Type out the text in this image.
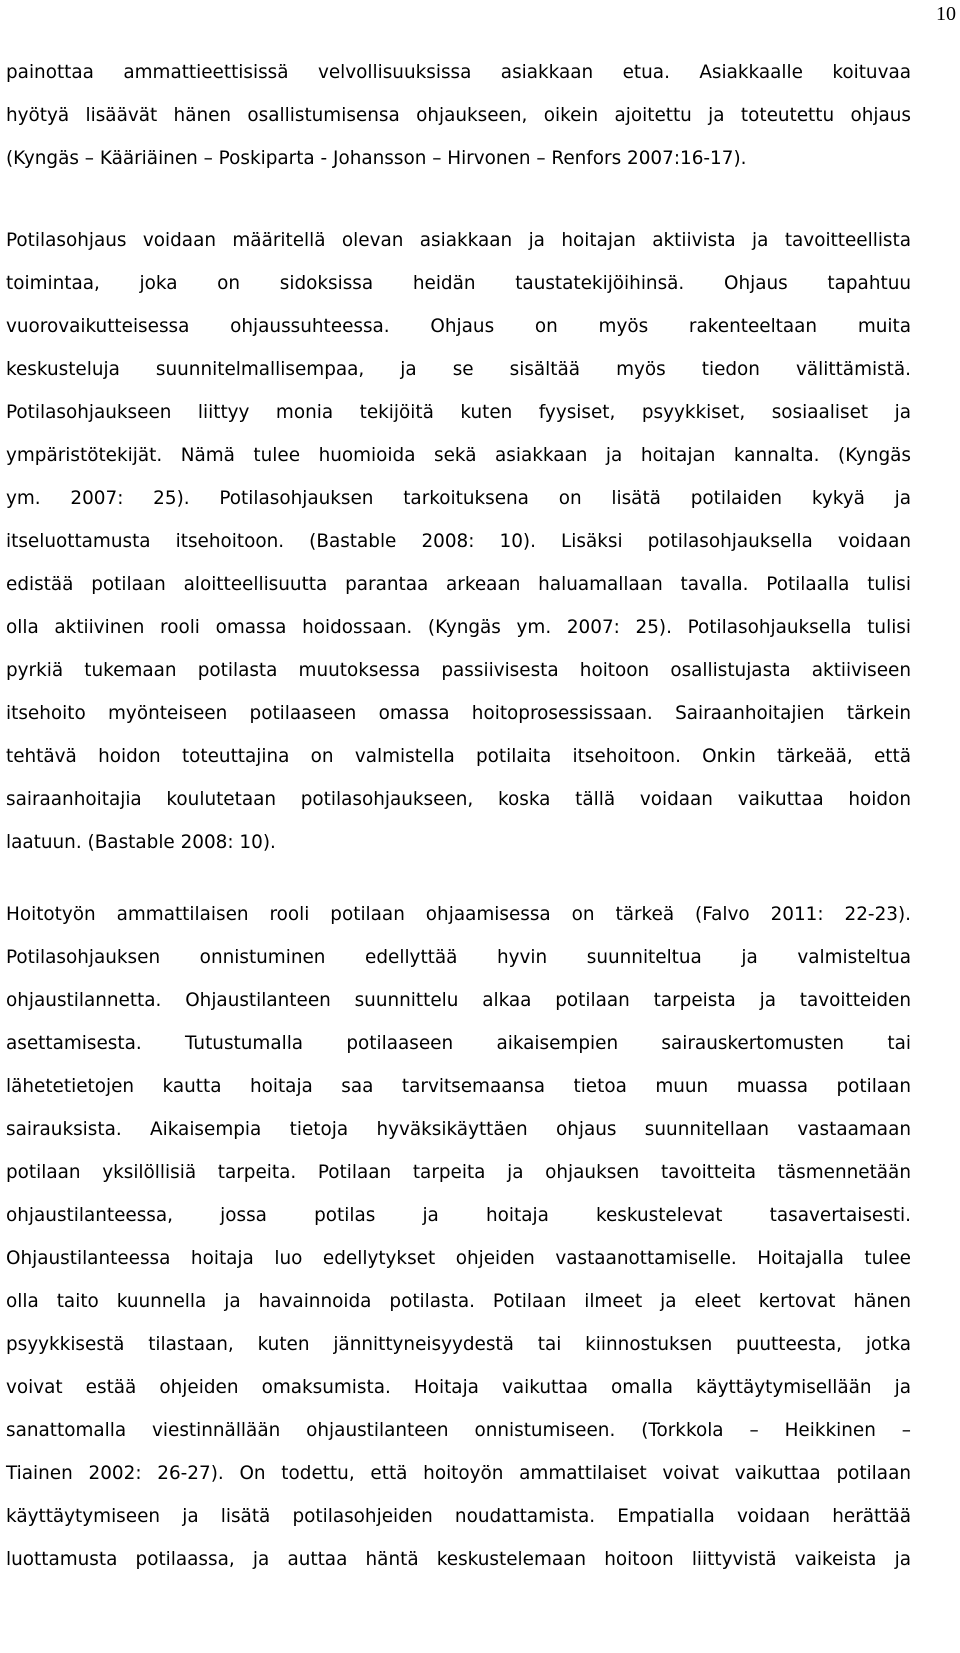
10
painottaa ammattieettisissä velvollisuuksissa asiakkaan etua. Asiakkaalle koituvaa
hyötyä lisäävät hänen osallistumisensa ohjaukseen, oikein ajoitettu ja toteutettu ohjaus
(Kyngäs – Kääriäinen – Poskiparta - Johansson – Hirvonen – Renfors 2007:16-17).
Potilasohjaus voidaan määritellä olevan asiakkaan ja hoitajan aktiivista ja tavoitteellista
toimintaa, joka on sidoksissa heidän taustatekijöihinsä. Ohjaus tapahtuu
vuorovaikutteisessa ohjaussuhteessa. Ohjaus on myös rakenteeltaan muita
keskusteluja suunnitelmallisempaa, ja se sisältää myös tiedon välittämistä.
Potilasohjaukseen liittyy monia tekijöitä kuten fyysiset, psyykkiset, sosiaaliset ja
ympäristötekijät. Nämä tulee huomioida sekä asiakkaan ja hoitajan kannalta. (Kyngäs
ym. 2007: 25). Potilasohjauksen tarkoituksena on lisätä potilaiden kykyä ja
itseluottamusta itsehoitoon. (Bastable 2008: 10). Lisäksi potilasohjauksella voidaan
edistää potilaan aloitteellisuutta parantaa arkeaan haluamallaan tavalla. Potilaalla tulisi
olla aktiivinen rooli omassa hoidossaan. (Kyngäs ym. 2007: 25). Potilasohjauksella tulisi
pyrkiä tukemaan potilasta muutoksessa passiivisesta hoitoon osallistujasta aktiiviseen
itsehoito myönteiseen potilaaseen omassa hoitoprosessissaan. Sairaanhoitajien tärkein
tehtävä hoidon toteuttajina on valmistella potilaita itsehoitoon. Onkin tärkeää, että
sairaanhoitajia koulutetaan potilasohjaukseen, koska tällä voidaan vaikuttaa hoidon
laatuun. (Bastable 2008: 10).
Hoitotyön ammattilaisen rooli potilaan ohjaamisessa on tärkeä (Falvo 2011: 22-23).
Potilasohjauksen onnistuminen edellyttää hyvin suunniteltua ja valmisteltua
ohjaustilannetta. Ohjaustilanteen suunnittelu alkaa potilaan tarpeista ja tavoitteiden
asettamisesta. Tutustumalla potilaaseen aikaisempien sairauskertomusten tai
lähetetietojen kautta hoitaja saa tarvitsemaansa tietoa muun muassa potilaan
sairauksista. Aikaisempia tietoja hyväksikäyttäen ohjaus suunnitellaan vastaamaan
potilaan yksilöllisiä tarpeita. Potilaan tarpeita ja ohjauksen tavoitteita täsmennetään
ohjaustilanteessa, jossa potilas ja hoitaja keskustelevat tasavertaisesti.
Ohjaustilanteessa hoitaja luo edellytykset ohjeiden vastaanottamiselle. Hoitajalla tulee
olla taito kuunnella ja havainnoida potilasta. Potilaan ilmeet ja eleet kertovat hänen
psyykkisestä tilastaan, kuten jännittyneisyydestä tai kiinnostuksen puutteesta, jotka
voivat estää ohjeiden omaksumista. Hoitaja vaikuttaa omalla käyttäytymisellään ja
sanattomalla viestinnällään ohjaustilanteen onnistumiseen. (Torkkola – Heikkinen –
Tiainen 2002: 26-27). On todettu, että hoitoyön ammattilaiset voivat vaikuttaa potilaan
käyttäytymiseen ja lisätä potilasohjeiden noudattamista. Empatialla voidaan herättää
luottamusta potilaassa, ja auttaa häntä keskustelemaan hoitoon liittyvistä vaikeista ja
